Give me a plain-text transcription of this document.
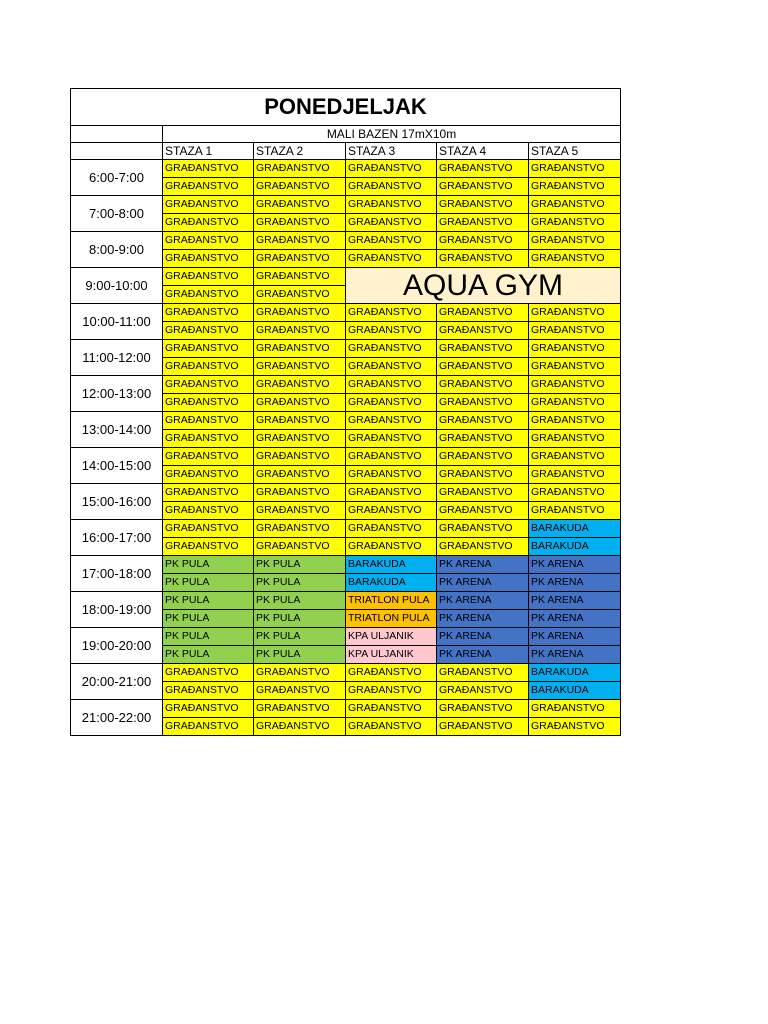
PONEDJELJAK					
	MALI BAZEN 17mX10m				
	STAZA 1	STAZA 2	STAZA 3	STAZA 4	STAZA 5
6:00-7:00	GRAĐANSTVO	GRAĐANSTVO	GRAĐANSTVO	GRAĐANSTVO	GRAĐANSTVO
	GRAĐANSTVO	GRAĐANSTVO	GRAĐANSTVO	GRAĐANSTVO	GRAĐANSTVO
7:00-8:00	GRAĐANSTVO	GRAĐANSTVO	GRAĐANSTVO	GRAĐANSTVO	GRAĐANSTVO
	GRAĐANSTVO	GRAĐANSTVO	GRAĐANSTVO	GRAĐANSTVO	GRAĐANSTVO
8:00-9:00	GRAĐANSTVO	GRAĐANSTVO	GRAĐANSTVO	GRAĐANSTVO	GRAĐANSTVO
	GRAĐANSTVO	GRAĐANSTVO	GRAĐANSTVO	GRAĐANSTVO	GRAĐANSTVO
9:00-10:00	GRAĐANSTVO	GRAĐANSTVO	AQUA GYM		
	GRAĐANSTVO	GRAĐANSTVO			
10:00-11:00	GRAĐANSTVO	GRAĐANSTVO	GRAĐANSTVO	GRAĐANSTVO	GRAĐANSTVO
	GRAĐANSTVO	GRAĐANSTVO	GRAĐANSTVO	GRAĐANSTVO	GRAĐANSTVO
11:00-12:00	GRAĐANSTVO	GRAĐANSTVO	GRAĐANSTVO	GRAĐANSTVO	GRAĐANSTVO
	GRAĐANSTVO	GRAĐANSTVO	GRAĐANSTVO	GRAĐANSTVO	GRAĐANSTVO
12:00-13:00	GRAĐANSTVO	GRAĐANSTVO	GRAĐANSTVO	GRAĐANSTVO	GRAĐANSTVO
	GRAĐANSTVO	GRAĐANSTVO	GRAĐANSTVO	GRAĐANSTVO	GRAĐANSTVO
13:00-14:00	GRAĐANSTVO	GRAĐANSTVO	GRAĐANSTVO	GRAĐANSTVO	GRAĐANSTVO
	GRAĐANSTVO	GRAĐANSTVO	GRAĐANSTVO	GRAĐANSTVO	GRAĐANSTVO
14:00-15:00	GRAĐANSTVO	GRAĐANSTVO	GRAĐANSTVO	GRAĐANSTVO	GRAĐANSTVO
	GRAĐANSTVO	GRAĐANSTVO	GRAĐANSTVO	GRAĐANSTVO	GRAĐANSTVO
15:00-16:00	GRAĐANSTVO	GRAĐANSTVO	GRAĐANSTVO	GRAĐANSTVO	GRAĐANSTVO
	GRAĐANSTVO	GRAĐANSTVO	GRAĐANSTVO	GRAĐANSTVO	GRAĐANSTVO
16:00-17:00	GRAĐANSTVO	GRAĐANSTVO	GRAĐANSTVO	GRAĐANSTVO	BARAKUDA
	GRAĐANSTVO	GRAĐANSTVO	GRAĐANSTVO	GRAĐANSTVO	BARAKUDA
17:00-18:00	PK PULA	PK PULA	BARAKUDA	PK ARENA	PK ARENA
	PK PULA	PK PULA	BARAKUDA	PK ARENA	PK ARENA
18:00-19:00	PK PULA	PK PULA	TRIATLON PULA	PK ARENA	PK ARENA
	PK PULA	PK PULA	TRIATLON PULA	PK ARENA	PK ARENA
19:00-20:00	PK PULA	PK PULA	KPA ULJANIK	PK ARENA	PK ARENA
	PK PULA	PK PULA	KPA ULJANIK	PK ARENA	PK ARENA
20:00-21:00	GRAĐANSTVO	GRAĐANSTVO	GRAĐANSTVO	GRAĐANSTVO	BARAKUDA
	GRAĐANSTVO	GRAĐANSTVO	GRAĐANSTVO	GRAĐANSTVO	BARAKUDA
21:00-22:00	GRAĐANSTVO	GRAĐANSTVO	GRAĐANSTVO	GRAĐANSTVO	GRAĐANSTVO
	GRAĐANSTVO	GRAĐANSTVO	GRAĐANSTVO	GRAĐANSTVO	GRAĐANSTVO
